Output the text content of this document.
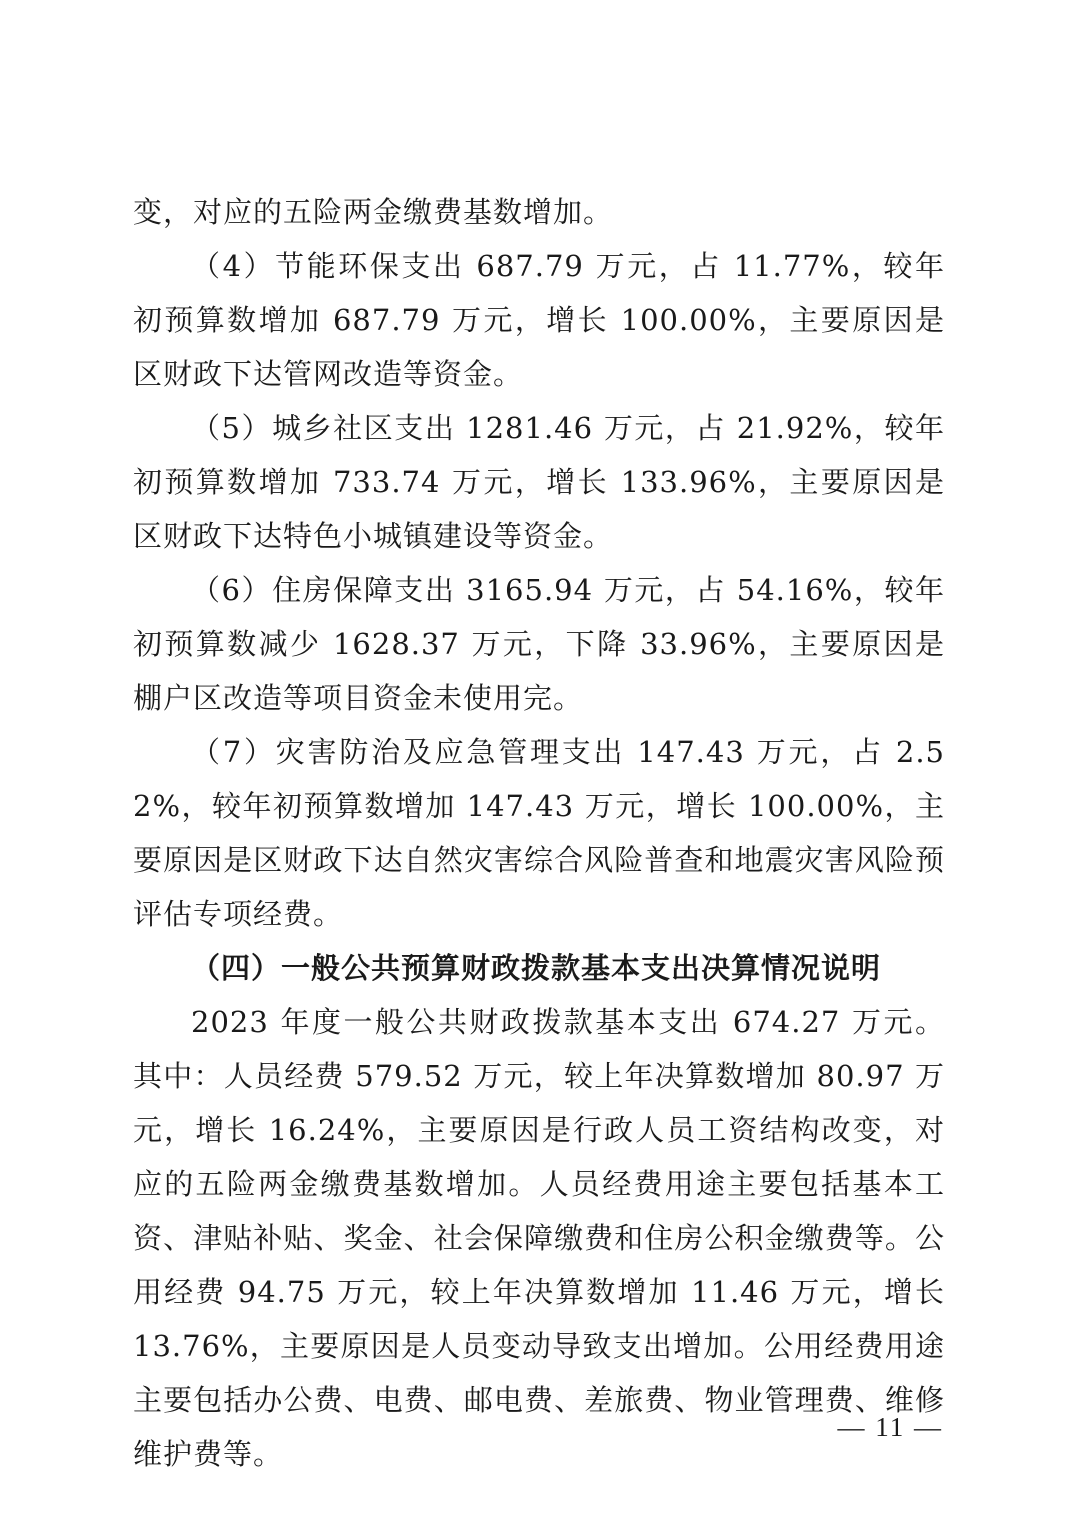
变，对应的五险两金缴费基数增加。

（4）节能环保支出 687.79 万元，占 11.77%，较年初预算数增加 687.79 万元，增长 100.00%，主要原因是区财政下达管网改造等资金。

（5）城乡社区支出 1281.46 万元，占 21.92%，较年初预算数增加 733.74 万元，增长 133.96%，主要原因是区财政下达特色小城镇建设等资金。

（6）住房保障支出 3165.94 万元，占 54.16%，较年初预算数减少 1628.37 万元，下降 33.96%，主要原因是棚户区改造等项目资金未使用完。

（7）灾害防治及应急管理支出 147.43 万元，占 2.52%，较年初预算数增加 147.43 万元，增长 100.00%，主要原因是区财政下达自然灾害综合风险普查和地震灾害风险预评估专项经费。

（四）一般公共预算财政拨款基本支出决算情况说明

2023 年度一般公共财政拨款基本支出 674.27 万元。其中：人员经费 579.52 万元，较上年决算数增加 80.97 万元，增长 16.24%，主要原因是行政人员工资结构改变，对应的五险两金缴费基数增加。人员经费用途主要包括基本工资、津贴补贴、奖金、社会保障缴费和住房公积金缴费等。公用经费 94.75 万元，较上年决算数增加 11.46 万元，增长 13.76%，主要原因是人员变动导致支出增加。公用经费用途主要包括办公费、电费、邮电费、差旅费、物业管理费、维修维护费等。

— 11 —
